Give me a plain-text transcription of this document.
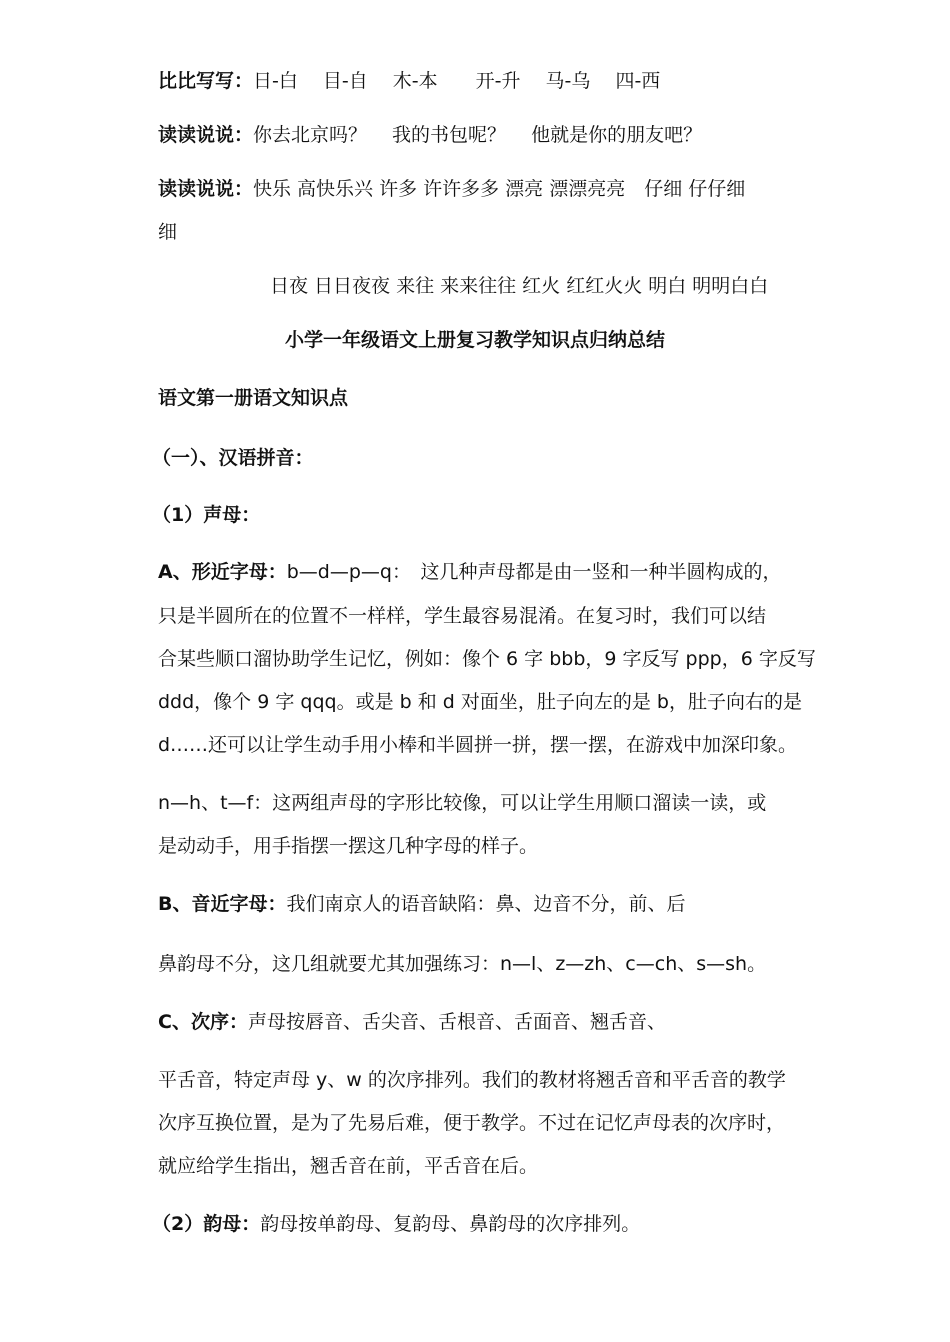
比比写写：日-白　 目-自　 木-本　　开-升　 马-乌　 四-西
读读说说：你去北京吗？　 我的书包呢？　 他就是你的朋友吧？
读读说说：快乐 高快乐兴 许多 许许多多 漂亮 漂漂亮亮　仔细 仔仔细
细
日夜 日日夜夜 来往 来来往往 红火 红红火火 明白 明明白白
小学一年级语文上册复习教学知识点归纳总结
语文第一册语文知识点
（一）、汉语拼音：
（1）声母：
A、形近字母：b—d—p—q：　这几种声母都是由一竖和一种半圆构成的，
只是半圆所在的位置不一样样，学生最容易混淆。在复习时，我们可以结
合某些顺口溜协助学生记忆，例如：像个 6 字 bbb，9 字反写 ppp，6 字反写
ddd，像个 9 字 qqq。或是 b 和 d 对面坐，肚子向左的是 b，肚子向右的是
d……还可以让学生动手用小棒和半圆拼一拼，摆一摆，在游戏中加深印象。
n—h、t—f：这两组声母的字形比较像，可以让学生用顺口溜读一读，或
是动动手，用手指摆一摆这几种字母的样子。
B、音近字母：我们南京人的语音缺陷：鼻、边音不分，前、后
鼻韵母不分，这几组就要尤其加强练习：n—l、z—zh、c—ch、s—sh。
C、次序：声母按唇音、舌尖音、舌根音、舌面音、翘舌音、
平舌音，特定声母 y、w 的次序排列。我们的教材将翘舌音和平舌音的教学
次序互换位置，是为了先易后难，便于教学。不过在记忆声母表的次序时，
就应给学生指出，翘舌音在前，平舌音在后。
（2）韵母：韵母按单韵母、复韵母、鼻韵母的次序排列。
